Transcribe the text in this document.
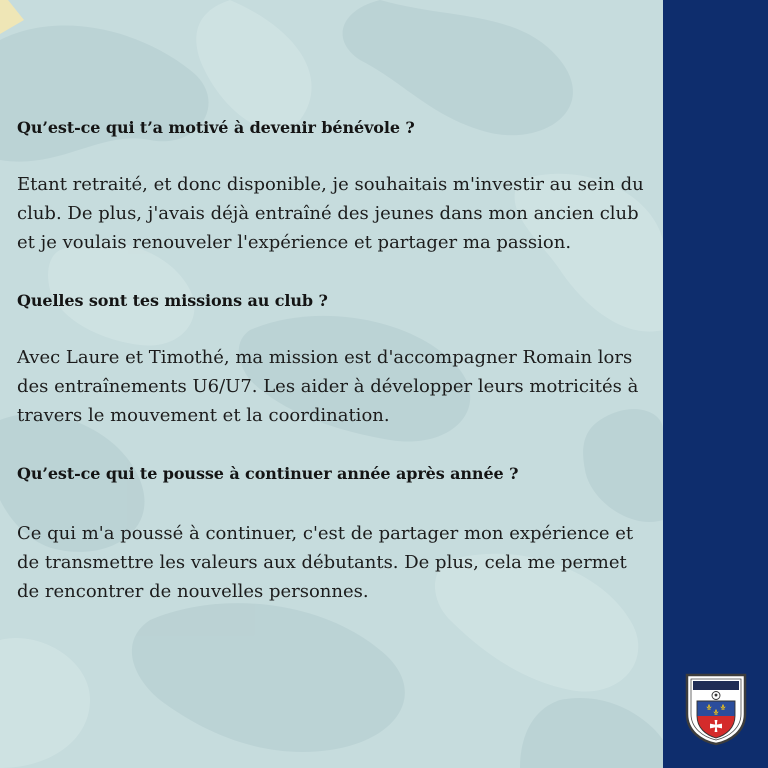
Qu’est-ce qui t’a motivé à devenir bénévole ?

Etant retraité, et donc disponible, je souhaitais m'investir au sein du
club. De plus, j'avais déjà entraîné des jeunes dans mon ancien club
et je voulais renouveler l'expérience et partager ma passion.

Quelles sont tes missions au club ?

Avec Laure et Timothé, ma mission est d'accompagner Romain lors
des entraînements U6/U7. Les aider à développer leurs motricités à
travers le mouvement et la coordination.

Qu’est-ce qui te pousse à continuer année après année ?

Ce qui m'a poussé à continuer, c'est de partager mon expérience et
de transmettre les valeurs aux débutants. De plus, cela me permet
de rencontrer de nouvelles personnes.
